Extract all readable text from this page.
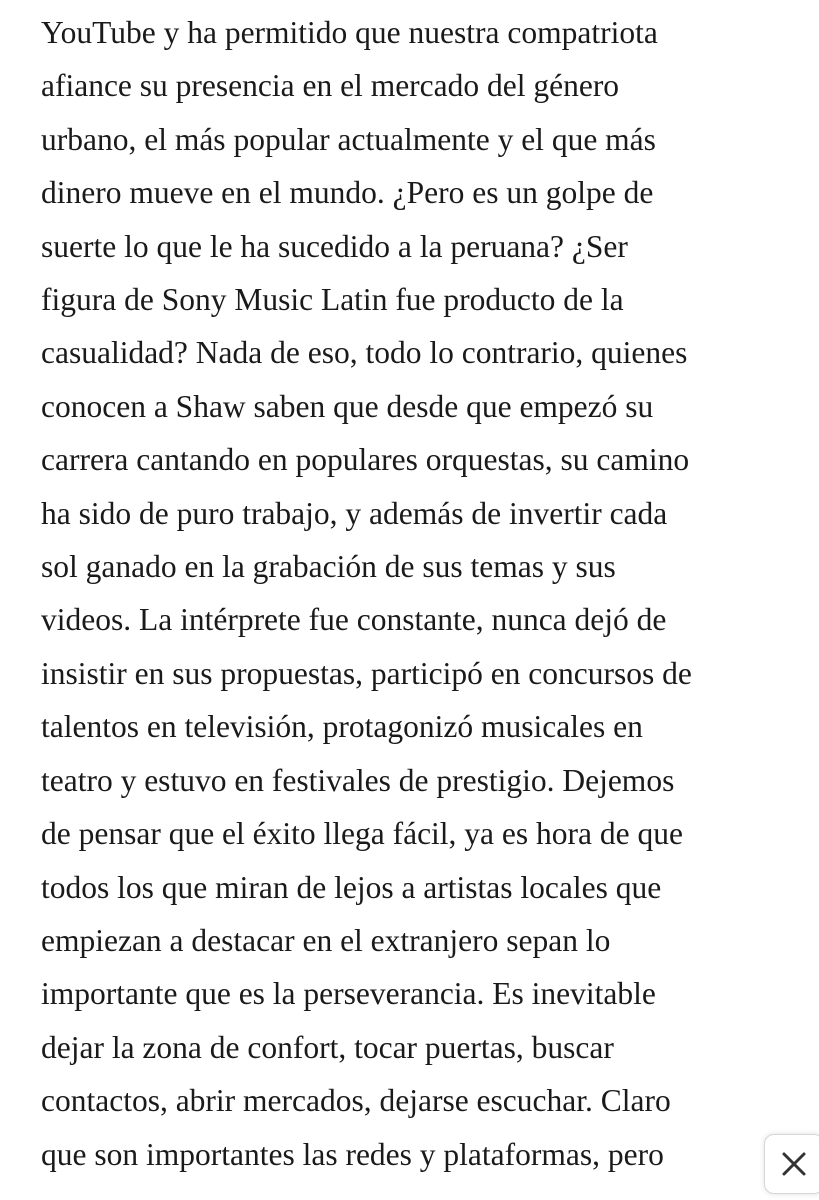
YouTube y ha permitido que nuestra compatriota
afiance su presencia en el mercado del género
urbano, el más popular actualmente y el que más
dinero mueve en el mundo. ¿Pero es un golpe de
suerte lo que le ha sucedido a la peruana? ¿Ser
figura de Sony Music Latin fue producto de la
casualidad? Nada de eso, todo lo contrario, quienes
conocen a Shaw saben que desde que empezó su
carrera cantando en populares orquestas, su camino
ha sido de puro trabajo, y además de invertir cada
sol ganado en la grabación de sus temas y sus
videos. La intérprete fue constante, nunca dejó de
insistir en sus propuestas, participó en concursos de
talentos en televisión, protagonizó musicales en
teatro y estuvo en festivales de prestigio. Dejemos
de pensar que el éxito llega fácil, ya es hora de que
todos los que miran de lejos a artistas locales que
empiezan a destacar en el extranjero sepan lo
importante que es la perseverancia. Es inevitable
dejar la zona de confort, tocar puertas, buscar
contactos, abrir mercados, dejarse escuchar. Claro
que son importantes las redes y plataformas, pero
